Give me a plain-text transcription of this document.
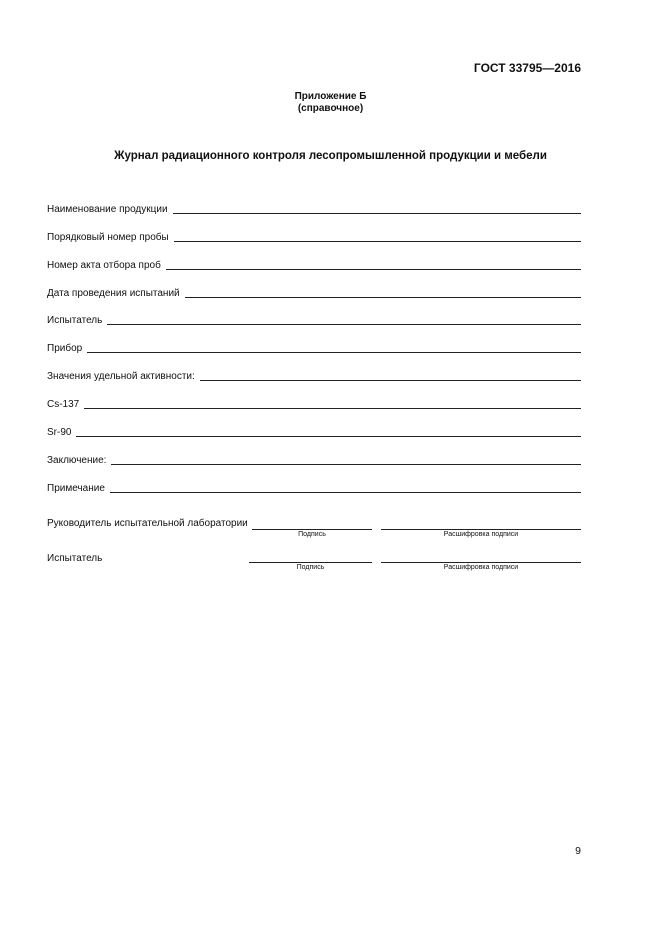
ГОСТ 33795—2016
Приложение Б
(справочное)
Журнал радиационного контроля лесопромышленной продукции и мебели
Наименование продукции
Порядковый номер пробы
Номер акта отбора проб
Дата проведения испытаний
Испытатель
Прибор
Значения удельной активности:
Cs-137
Sr-90
Заключение:
Примечание
Руководитель испытательной лаборатории
Подпись	Расшифровка подписи
Испытатель
Подпись	Расшифровка подписи
9
